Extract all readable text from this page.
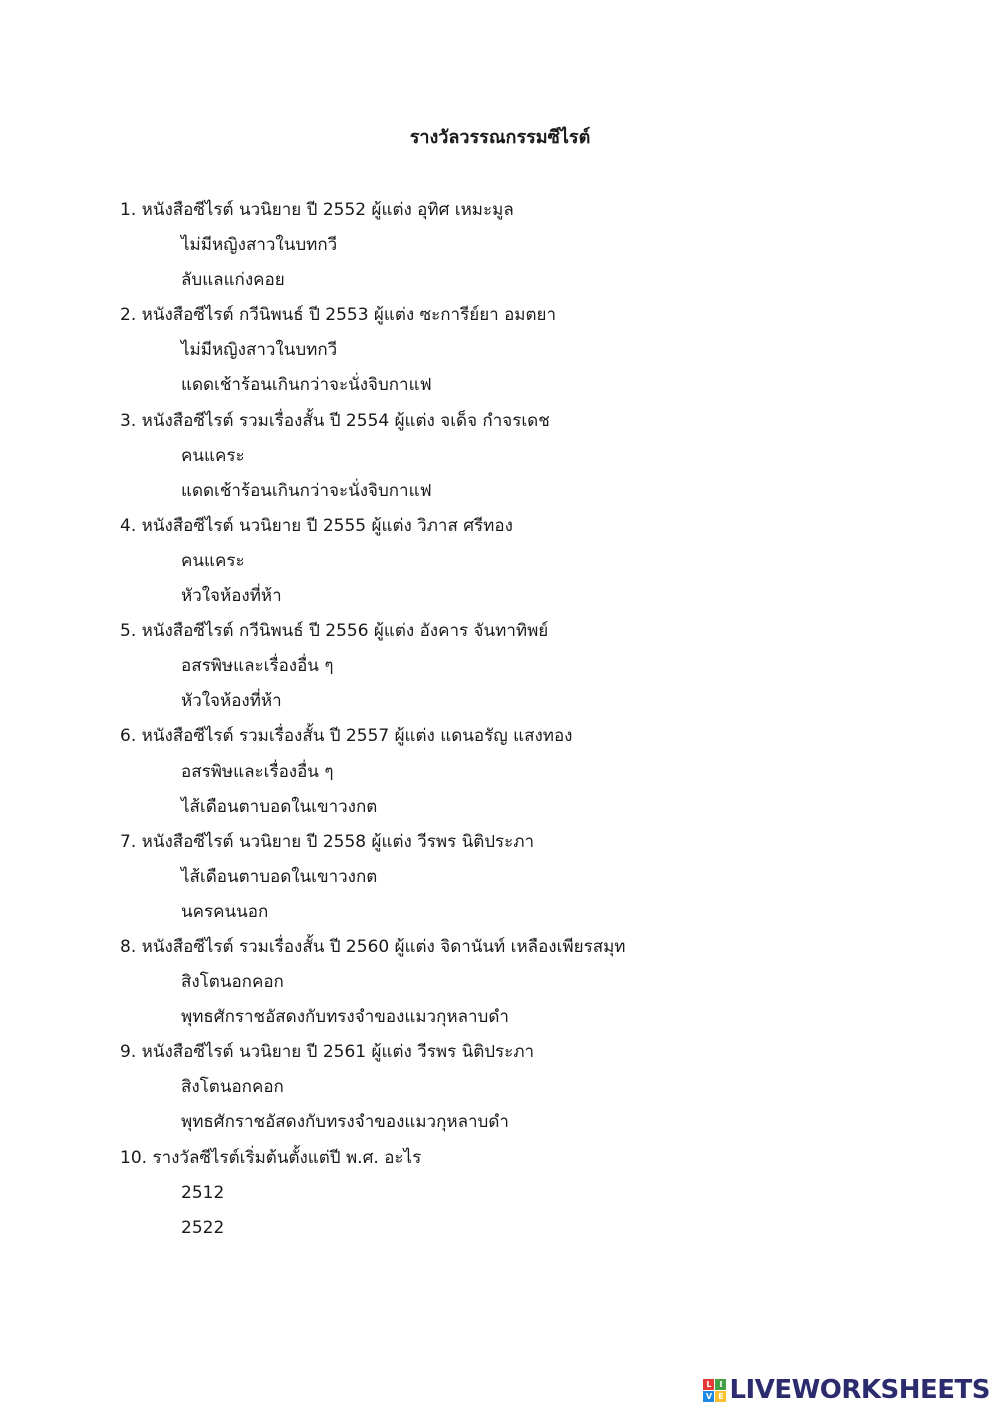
รางวัลวรรณกรรมซีไรต์
1. หนังสือซีไรต์ นวนิยาย ปี 2552 ผู้แต่ง อุทิศ เหมะมูล
ไม่มีหญิงสาวในบทกวี
ลับแลแก่งคอย
2. หนังสือซีไรต์ กวีนิพนธ์ ปี 2553 ผู้แต่ง ซะการีย์ยา อมตยา
ไม่มีหญิงสาวในบทกวี
แดดเช้าร้อนเกินกว่าจะนั่งจิบกาแฟ
3. หนังสือซีไรต์ รวมเรื่องสั้น ปี 2554 ผู้แต่ง จเด็จ กำจรเดช
คนแคระ
แดดเช้าร้อนเกินกว่าจะนั่งจิบกาแฟ
4. หนังสือซีไรต์ นวนิยาย ปี 2555 ผู้แต่ง วิภาส ศรีทอง
คนแคระ
หัวใจห้องที่ห้า
5. หนังสือซีไรต์ กวีนิพนธ์ ปี 2556 ผู้แต่ง อังคาร จันทาทิพย์
อสรพิษและเรื่องอื่น ๆ
หัวใจห้องที่ห้า
6. หนังสือซีไรต์ รวมเรื่องสั้น ปี 2557 ผู้แต่ง แดนอรัญ แสงทอง
อสรพิษและเรื่องอื่น ๆ
ไส้เดือนตาบอดในเขาวงกต
7. หนังสือซีไรต์ นวนิยาย ปี 2558 ผู้แต่ง วีรพร นิติประภา
ไส้เดือนตาบอดในเขาวงกต
นครคนนอก
8. หนังสือซีไรต์ รวมเรื่องสั้น ปี 2560 ผู้แต่ง จิดานันท์ เหลืองเพียรสมุท
สิงโตนอกคอก
พุทธศักราชอัสดงกับทรงจำของแมวกุหลาบดำ
9. หนังสือซีไรต์ นวนิยาย ปี 2561 ผู้แต่ง วีรพร นิติประภา
สิงโตนอกคอก
พุทธศักราชอัสดงกับทรงจำของแมวกุหลาบดำ
10. รางวัลซีไรต์เริ่มต้นตั้งแต่ปี พ.ศ. อะไร
2512
2522
L I
V E LIVEWORKSHEETS
